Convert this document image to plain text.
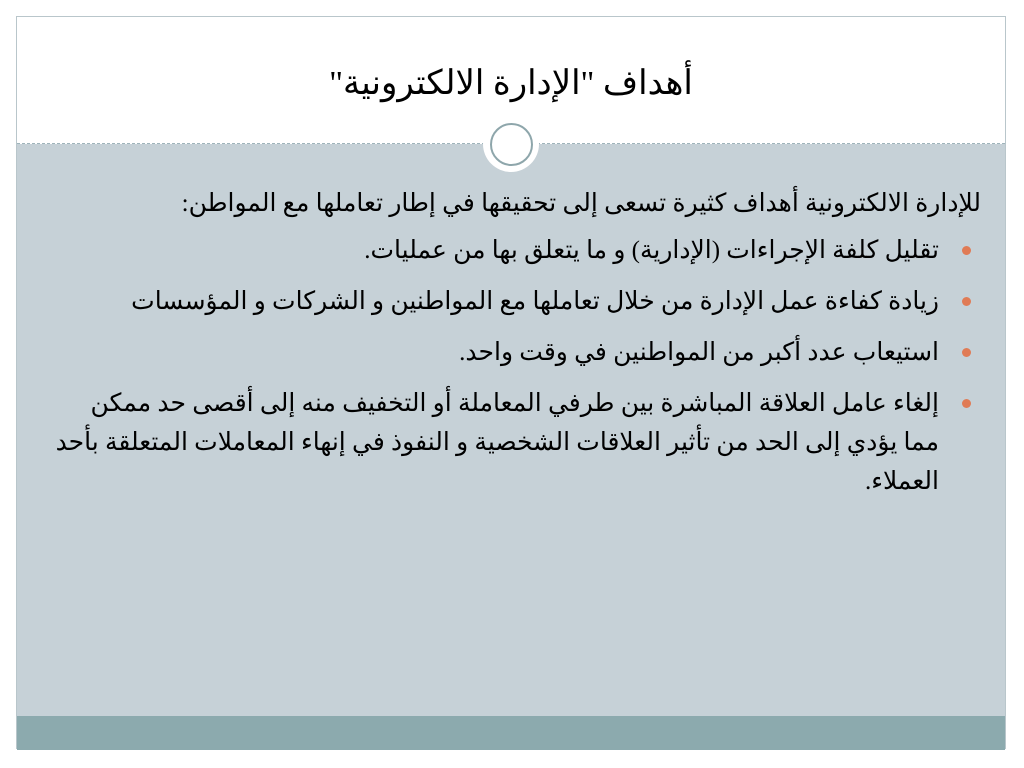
أهداف "الإدارة الالكترونية"

للإدارة الالكترونية أهداف كثيرة تسعى إلى تحقيقها في إطار تعاملها مع المواطن:

تقليل كلفة الإجراءات (الإدارية) و ما يتعلق بها من عمليات.
زيادة كفاءة عمل الإدارة من خلال تعاملها مع المواطنين و الشركات و المؤسسات
استيعاب عدد أكبر من المواطنين في وقت واحد.
إلغاء عامل العلاقة المباشرة بين طرفي المعاملة أو التخفيف منه إلى أقصى حد ممكن مما يؤدي إلى الحد من تأثير العلاقات الشخصية و النفوذ في إنهاء المعاملات المتعلقة بأحد العملاء.
